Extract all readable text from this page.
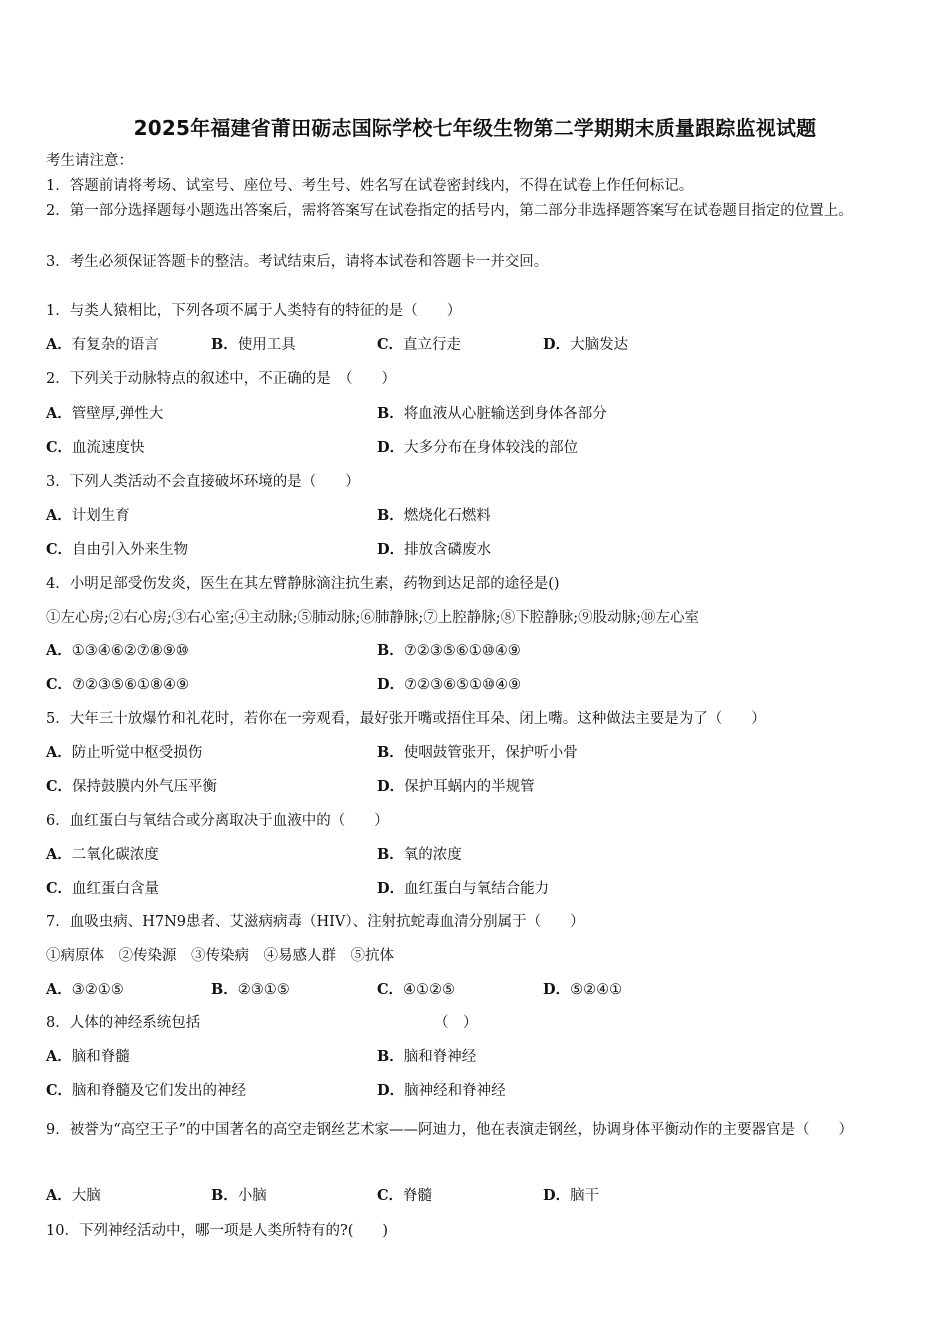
2025年福建省莆田砺志国际学校七年级生物第二学期期末质量跟踪监视试题
考生请注意：
1．答题前请将考场、试室号、座位号、考生号、姓名写在试卷密封线内，不得在试卷上作任何标记。
2．第一部分选择题每小题选出答案后，需将答案写在试卷指定的括号内，第二部分非选择题答案写在试卷题目指定的位置上。
3．考生必须保证答题卡的整洁。考试结束后，请将本试卷和答题卡一并交回。
1．与类人猿相比，下列各项不属于人类特有的特征的是（　　）
A．有复杂的语言	B．使用工具	C．直立行走	D．大脑发达
2．下列关于动脉特点的叙述中，不正确的是　（　　）
A．管壁厚,弹性大	B．将血液从心脏输送到身体各部分
C．血流速度快	D．大多分布在身体较浅的部位
3．下列人类活动不会直接破坏环境的是（　　）
A．计划生育	B．燃烧化石燃料
C．自由引入外来生物	D．排放含磷废水
4．小明足部受伤发炎，医生在其左臂静脉滴注抗生素，药物到达足部的途径是()
①左心房;②右心房;③右心室;④主动脉;⑤肺动脉;⑥肺静脉;⑦上腔静脉;⑧下腔静脉;⑨股动脉;⑩左心室
A．①③④⑥②⑦⑧⑨⑩	B．⑦②③⑤⑥①⑩④⑨
C．⑦②③⑤⑥①⑧④⑨	D．⑦②③⑥⑤①⑩④⑨
5．大年三十放爆竹和礼花时，若你在一旁观看，最好张开嘴或捂住耳朵、闭上嘴。这种做法主要是为了（　　）
A．防止听觉中枢受损伤	B．使咽鼓管张开，保护听小骨
C．保持鼓膜内外气压平衡	D．保护耳蜗内的半规管
6．血红蛋白与氧结合或分离取决于血液中的（　　）
A．二氧化碳浓度	B．氧的浓度
C．血红蛋白含量	D．血红蛋白与氧结合能力
7．血吸虫病、H7N9患者、艾滋病病毒（HIV）、注射抗蛇毒血清分别属于（　　）
①病原体　②传染源　③传染病　④易感人群　⑤抗体
A．③②①⑤	B．②③①⑤	C．④①②⑤	D．⑤②④①
8．人体的神经系统包括	（　）
A．脑和脊髓	B．脑和脊神经
C．脑和脊髓及它们发出的神经	D．脑神经和脊神经
9．被誉为“高空王子”的中国著名的高空走钢丝艺术家——阿迪力，他在表演走钢丝，协调身体平衡动作的主要器官是（　　）
A．大脑	B．小脑	C．脊髓	D．脑干
10．下列神经活动中，哪一项是人类所特有的?(　　)
